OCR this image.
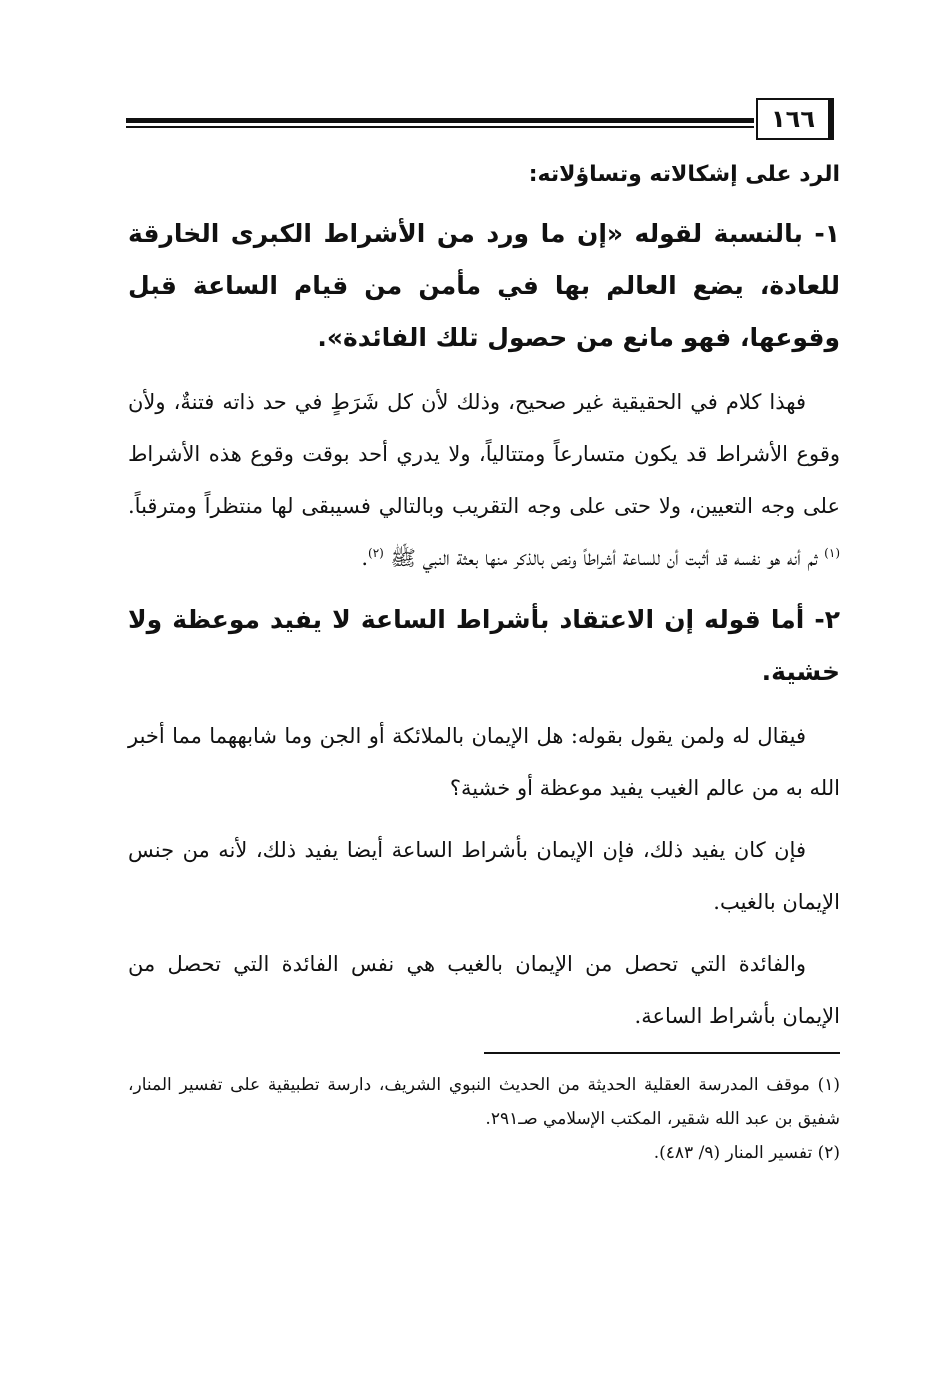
١٦٦
الرد على إشكالاته وتساؤلاته:
١- بالنسبة لقوله «إن ما ورد من الأشراط الكبرى الخارقة للعادة، يضع العالم بها في مأمن من قيام الساعة قبل وقوعها، فهو مانع من حصول تلك الفائدة».

فهذا كلام في الحقيقية غير صحيح، وذلك لأن كل شَرَطٍ في حد ذاته فتنةٌ، ولأن وقوع الأشراط قد يكون متسارعاً ومتتالياً، ولا يدري أحد بوقت وقوع هذه الأشراط على وجه التعيين، ولا حتى على وجه التقريب وبالتالي فسيبقى لها منتظراً ومترقباً.$^{(١)}$ ثم أنه هو نفسه قد أثبت أن للساعة أشراطاً ونص بالذكر منها بعثة النبي ﷺ $^{(٢)}$.

٢- أما قوله إن الاعتقاد بأشراط الساعة لا يفيد موعظة ولا خشية.

فيقال له ولمن يقول بقوله: هل الإيمان بالملائكة أو الجن وما شابههما مما أخبر الله به من عالم الغيب يفيد موعظة أو خشية؟

فإن كان يفيد ذلك، فإن الإيمان بأشراط الساعة أيضا يفيد ذلك، لأنه من جنس الإيمان بالغيب.

والفائدة التي تحصل من الإيمان بالغيب هي نفس الفائدة التي تحصل من الإيمان بأشراط الساعة.

(١) موقف المدرسة العقلية الحديثة من الحديث النبوي الشريف، دارسة تطبيقية على تفسير المنار، شفيق بن عبد الله شقير، المكتب الإسلامي صـ٢٩١.

(٢) تفسير المنار (٩/ ٤٨٣).
